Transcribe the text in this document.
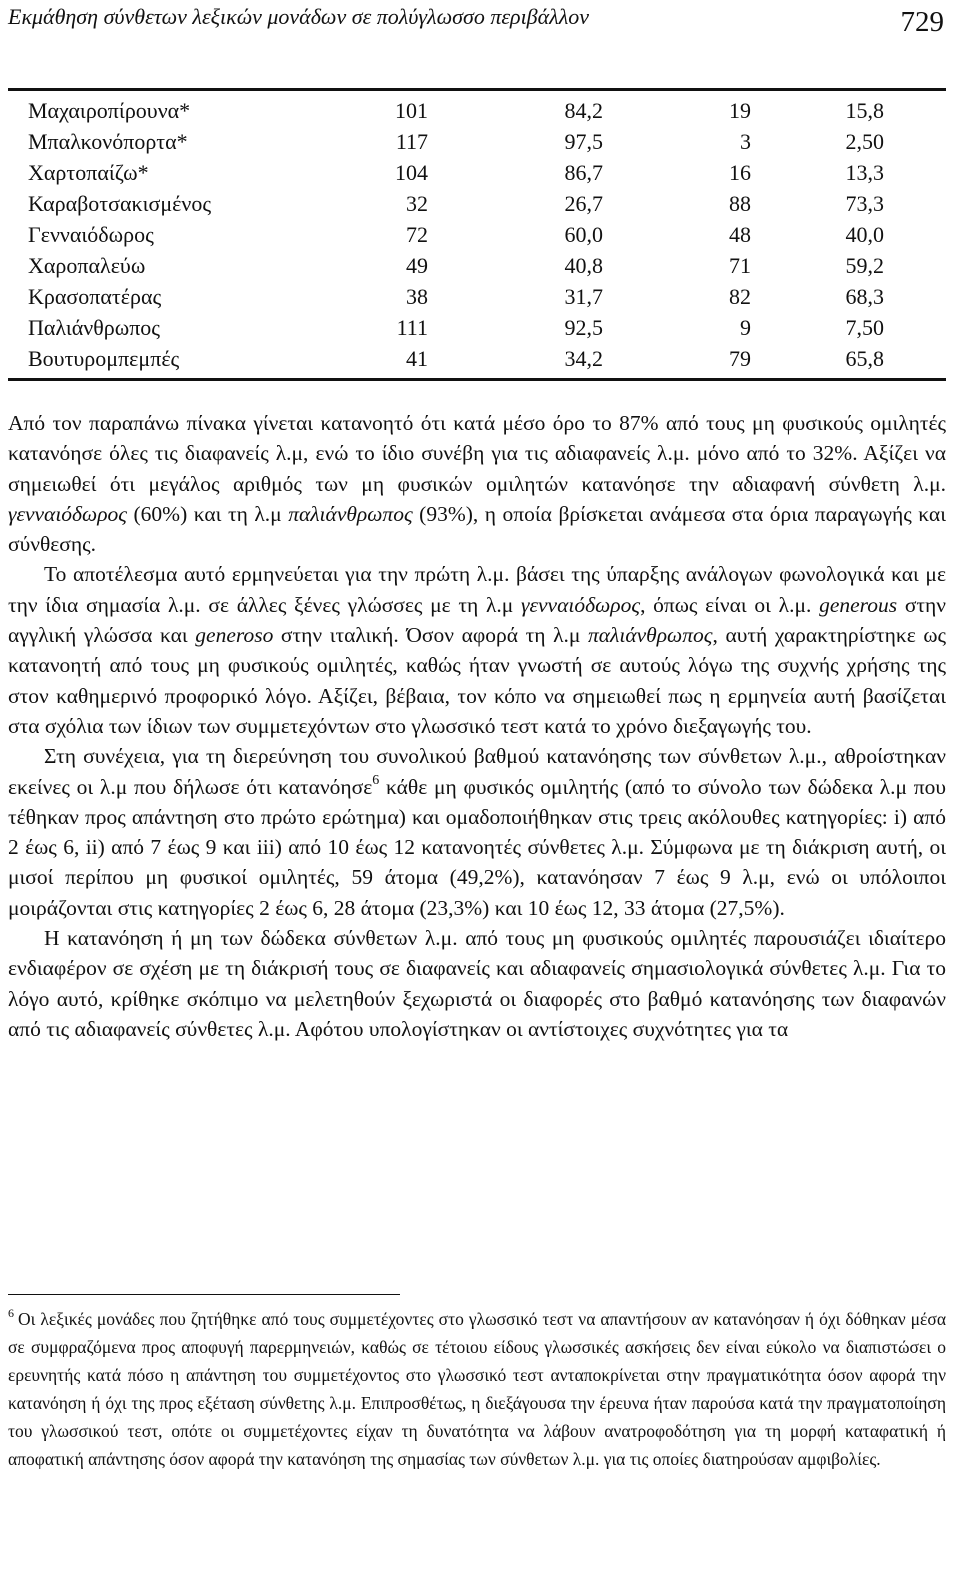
Εκμάθηση σύνθετων λεξικών μονάδων σε πολύγλωσσο περιβάλλον	729
Μαχαιροπίρουνα*	101	84,2	19	15,8
Μπαλκονόπορτα*	117	97,5	3	2,50
Χαρτοπαίζω*	104	86,7	16	13,3
Καραβοτσακισμένος	32	26,7	88	73,3
Γενναιόδωρος	72	60,0	48	40,0
Χαροπαλεύω	49	40,8	71	59,2
Κρασοπατέρας	38	31,7	82	68,3
Παλιάνθρωπος	111	92,5	9	7,50
Βουτυρομπεμπές	41	34,2	79	65,8

Από τον παραπάνω πίνακα γίνεται κατανοητό ότι κατά μέσο όρο το 87% από τους μη φυσικούς ομιλητές κατανόησε όλες τις διαφανείς λ.μ, ενώ το ίδιο συνέβη για τις αδιαφανείς λ.μ. μόνο από το 32%. Αξίζει να σημειωθεί ότι μεγάλος αριθμός των μη φυσικών ομιλητών κατανόησε την αδιαφανή σύνθετη λ.μ. γενναιόδωρος (60%) και τη λ.μ παλιάνθρωπος (93%), η οποία βρίσκεται ανάμεσα στα όρια παραγωγής και σύνθεσης.

Το αποτέλεσμα αυτό ερμηνεύεται για την πρώτη λ.μ. βάσει της ύπαρξης ανάλογων φωνολογικά και με την ίδια σημασία λ.μ. σε άλλες ξένες γλώσσες με τη λ.μ γενναιόδωρος, όπως είναι οι λ.μ. generous στην αγγλική γλώσσα και generoso στην ιταλική. Όσον αφορά τη λ.μ παλιάνθρωπος, αυτή χαρακτηρίστηκε ως κατανοητή από τους μη φυσικούς ομιλητές, καθώς ήταν γνωστή σε αυτούς λόγω της συχνής χρήσης της στον καθημερινό προφορικό λόγο. Αξίζει, βέβαια, τον κόπο να σημειωθεί πως η ερμηνεία αυτή βασίζεται στα σχόλια των ίδιων των συμμετεχόντων στο γλωσσικό τεστ κατά το χρόνο διεξαγωγής του.

Στη συνέχεια, για τη διερεύνηση του συνολικού βαθμού κατανόησης των σύνθετων λ.μ., αθροίστηκαν εκείνες οι λ.μ που δήλωσε ότι κατανόησε$^6$ κάθε μη φυσικός ομιλητής (από το σύνολο των δώδεκα λ.μ που τέθηκαν προς απάντηση στο πρώτο ερώτημα) και ομαδοποιήθηκαν στις τρεις ακόλουθες κατηγορίες: i) από 2 έως 6, ii) από 7 έως 9 και iii) από 10 έως 12 κατανοητές σύνθετες λ.μ. Σύμφωνα με τη διάκριση αυτή, οι μισοί περίπου μη φυσικοί ομιλητές, 59 άτομα (49,2%), κατανόησαν 7 έως 9 λ.μ, ενώ οι υπόλοιποι μοιράζονται στις κατηγορίες 2 έως 6, 28 άτομα (23,3%) και 10 έως 12, 33 άτομα (27,5%).

Η κατανόηση ή μη των δώδεκα σύνθετων λ.μ. από τους μη φυσικούς ομιλητές παρουσιάζει ιδιαίτερο ενδιαφέρον σε σχέση με τη διάκρισή τους σε διαφανείς και αδιαφανείς σημασιολογικά σύνθετες λ.μ. Για το λόγο αυτό, κρίθηκε σκόπιμο να μελετηθούν ξεχωριστά οι διαφορές στο βαθμό κατανόησης των διαφανών από τις αδιαφανείς σύνθετες λ.μ. Αφότου υπολογίστηκαν οι αντίστοιχες συχνότητες για τα

$^6$ Οι λεξικές μονάδες που ζητήθηκε από τους συμμετέχοντες στο γλωσσικό τεστ να απαντήσουν αν κατανόησαν ή όχι δόθηκαν μέσα σε συμφραζόμενα προς αποφυγή παρερμηνειών, καθώς σε τέτοιου είδους γλωσσικές ασκήσεις δεν είναι εύκολο να διαπιστώσει ο ερευνητής κατά πόσο η απάντηση του συμμετέχοντος στο γλωσσικό τεστ ανταποκρίνεται στην πραγματικότητα όσον αφορά την κατανόηση ή όχι της προς εξέταση σύνθετης λ.μ. Επιπροσθέτως, η διεξάγουσα την έρευνα ήταν παρούσα κατά την πραγματοποίηση του γλωσσικού τεστ, οπότε οι συμμετέχοντες είχαν τη δυνατότητα να λάβουν ανατροφοδότηση για τη μορφή καταφατική ή αποφατική απάντησης όσον αφορά την κατανόηση της σημασίας των σύνθετων λ.μ. για τις οποίες διατηρούσαν αμφιβολίες.
